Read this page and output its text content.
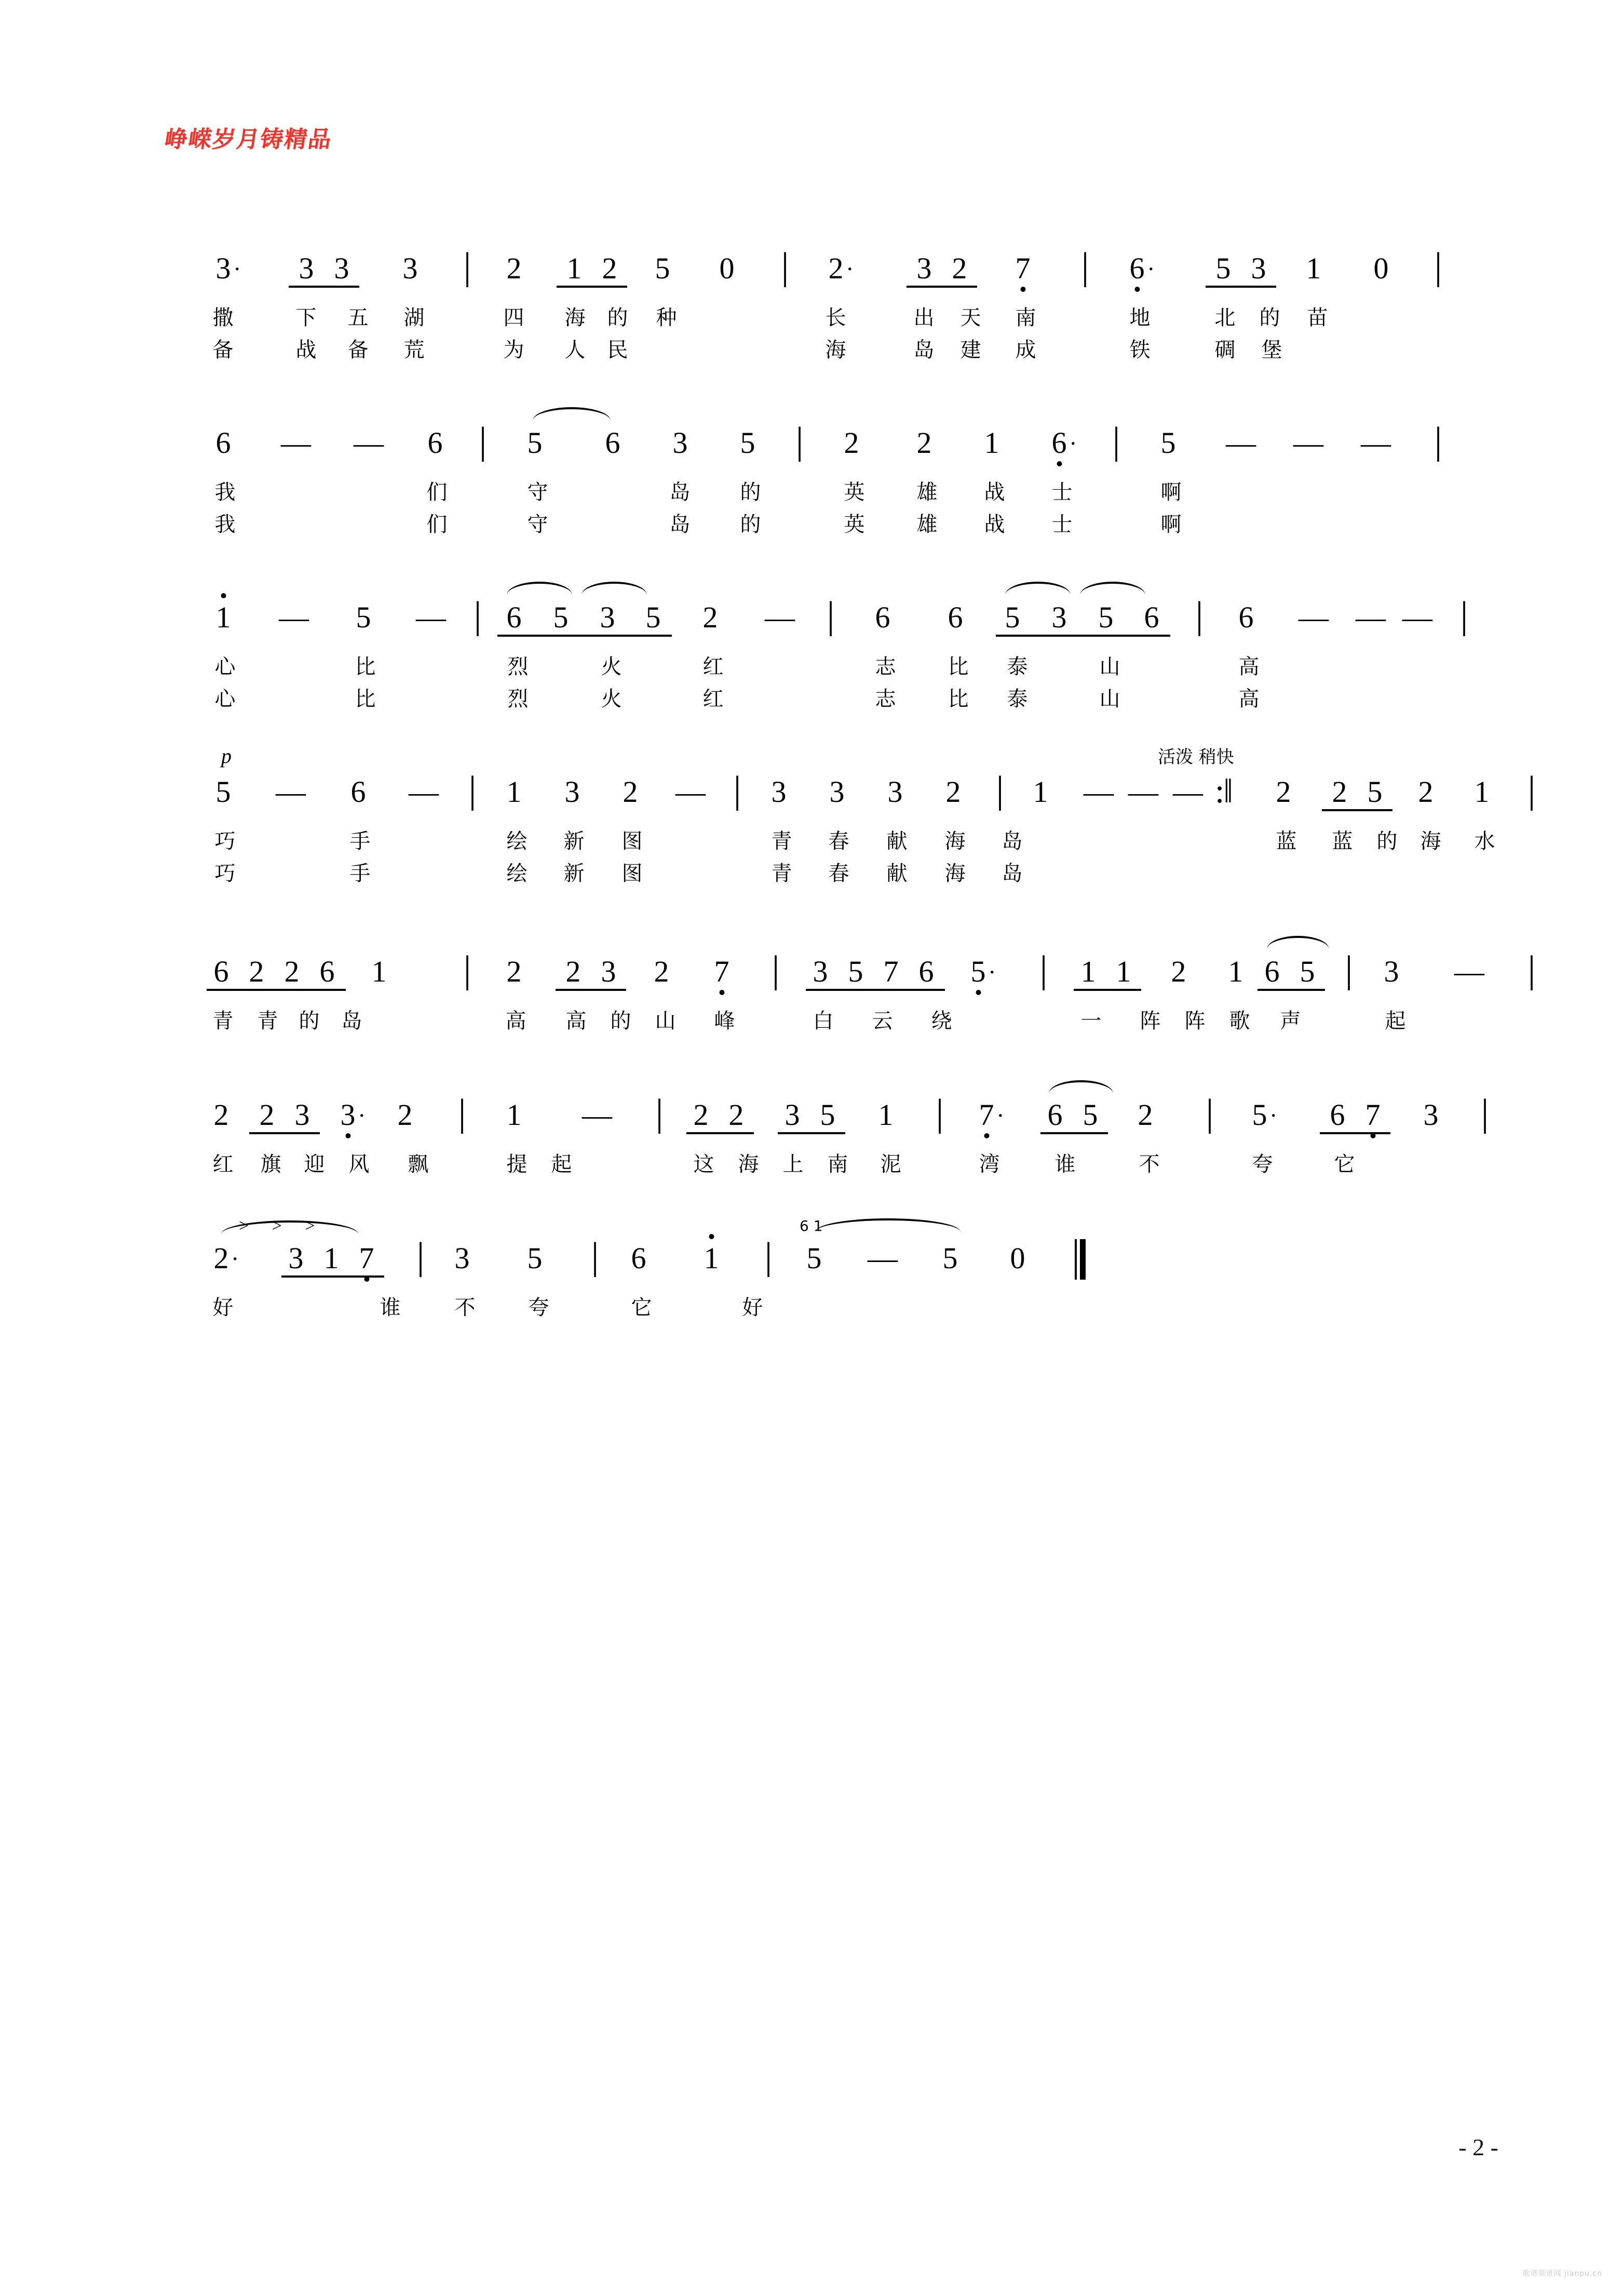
峥嵘岁月铸精品
3 · 3 3 3 | 2 1 2 5 0 | 2 · 3 2 7 | 6 · 5 3 1 0 |
撒	下 五 湖	四 海 的 种	长	出 天 南	地	北 的 苗
备	战 备 荒	为 人 民	海	岛 建 成	铁	碉 堡
6 — — 6 | 5 6 3 5 | 2 2 1 6 · | 5 — — — |
我	们	守	岛 的	英 雄 战 士	啊
我	们	守	岛 的	英 雄 战 士	啊
1 — 5 — | 6 5 3 5 2 — | 6 6 5 3 5 6 | 6 — — — |
心	比	烈	火	红	志 比 泰	山	高
心	比	烈	火	红	志 比 泰	山	高
p	活泼 稍快
5 — 6 — | 1 3 2 — | 3 3 3 2 | 1 — — — :‖ 2 2 5 2 1 |
巧	手	绘 新 图	青 春 献 海 岛	蓝 蓝 的 海 水
巧	手	绘 新 图	青 春 献 海 岛
6 2 2 6 1 | 2 2 3 2 7 | 3 5 7 6 5 · | 1 1 2 1 6 5 | 3 — |
青 青 的 岛	高 高 的 山 峰	白 云 绕	一 阵 阵 歌 声	起
2 2 3 3 · 2 | 1 — | 2 2 3 5 1 | 7 · 6 5 2 | 5 · 6 7 3 |
红 旗 迎 风 飘	提 起	这 海 上 南 泥	湾	谁	不	夸	它
> > >
2 · 3 1 7 | 3 5 | 6 1 |
6 1
5 — 5 0
好	谁	不	夸	它	好
- 2 -
歌谱简谱网 jianpu.cn
